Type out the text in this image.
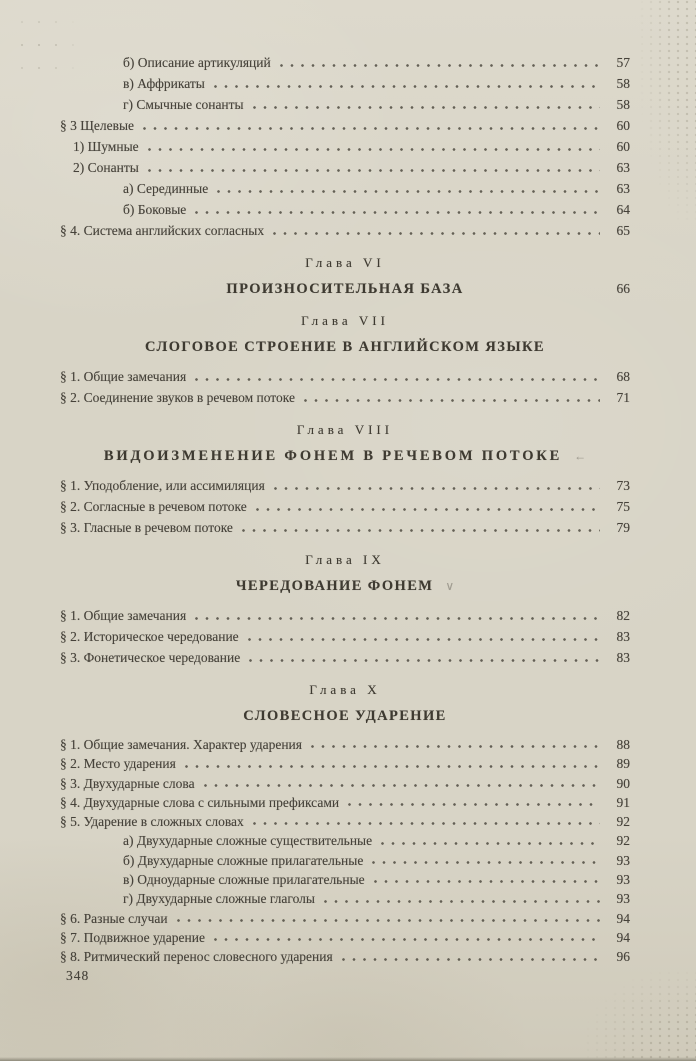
б) Описание артикуляций	57
в) Аффрикаты	58
г) Смычные сонанты	58
§ 3 Щелевые	60
1) Шумные	60
2) Сонанты	63
а) Серединные	63
б) Боковые	64
§ 4. Система английских согласных	65
Глава VI
ПРОИЗНОСИТЕЛЬНАЯ БАЗА	66
Глава VII
СЛОГОВОЕ СТРОЕНИЕ В АНГЛИЙСКОМ ЯЗЫКЕ
§ 1. Общие замечания	68
§ 2. Соединение звуков в речевом потоке	71
Глава VIII
ВИДОИЗМЕНЕНИЕ ФОНЕМ В РЕЧЕВОМ ПОТОКЕ ←
§ 1. Уподобление, или ассимиляция	73
§ 2. Согласные в речевом потоке	75
§ 3. Гласные в речевом потоке	79
Глава IX
ЧЕРЕДОВАНИЕ ФОНЕМ ∨
§ 1. Общие замечания	82
§ 2. Историческое чередование	83
§ 3. Фонетическое чередование	83
Глава X
СЛОВЕСНОЕ УДАРЕНИЕ
§ 1. Общие замечания. Характер ударения	88
§ 2. Место ударения	89
§ 3. Двухударные слова	90
§ 4. Двухударные слова с сильными префиксами	91
§ 5. Ударение в сложных словах	92
а) Двухударные сложные существительные	92
б) Двухударные сложные прилагательные	93
в) Одноударные сложные прилагательные	93
г) Двухударные сложные глаголы	93
§ 6. Разные случаи	94
§ 7. Подвижное ударение	94
§ 8. Ритмический перенос словесного ударения	96
348
